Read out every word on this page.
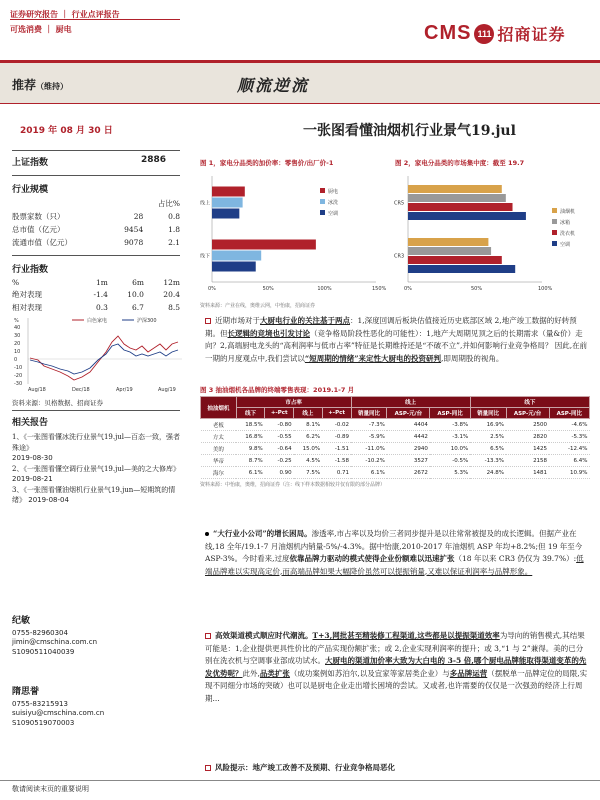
证券研究报告 ｜ 行业点评报告
可选消费 ｜ 厨电	CMS 111 招商证券
推荐（维持）	顺流逆流
2019 年 08 月 30 日	一张图看懂油烟机行业景气19.jul
上证指数	2886
行业规模
		占比%
股票家数（只）	28	0.8
总市值（亿元）	9454	1.8
流通市值（亿元）	9078	2.1
行业指数
%	1m	6m	12m
绝对表现	-1.4	10.0	20.4
相对表现	0.3	6.7	8.5
%
40
30
20
10
0
-10
-20
-30
白色家电	沪深300
Aug/18	Dec/18	Apr/19	Aug/19
资料来源：贝格数据、招商证券
相关报告
1、《一张图看懂冰洗行业景气19.jul—百态一致，强者殊途》
2019-08-30
2、《一张图看懂空调行业景气19.jul—美的之大修库》 2019-08-21
3、《一张图看懂油烟机行业景气19.jun—短期筑的情绪》 2019-08-04
纪敏
0755-82960304
jimin@cmschina.com.cn
S1090511040039
隋思誉
0755-83215913
suisiyu@cmschina.com.cn
S1090519070003
敬请阅读末页的重要说明
图 1，家电分品类的加价率：零售价/出厂价-1	图 2，家电分品类的市场集中度：截至 19.7
线上
线下
0%	50%	100%	150%
厨电
冰洗
空调
CR5
CR3
0%	50%	100%
油烟机
冰箱
洗衣机
空调
资料来源：产业在线，奥维云网，中怡康，招商证券
近期市场对于大厨电行业的关注基于两点：1,深度回调后板块估值接近历史底部区域 2,地产竣工数据的好转预期。但长逻辑的竞境也引发讨论（竞争格局阶段性恶化的可能性）：1,地产大周期见顶之后的长期需求（量&价）走向？2,高端厨电龙头的“高利润率与低市占率”特征是长期维持还是“不破不立”,并如何影响行业竞争格局？ 因此,在前一期的月度观点中,我们尝试以“短周期的情绪”来定性大厨电的投资研判,即周期股的视角。
图 3 抽油烟机各品牌的终端零售表现：2019.1-7 月
抽油烟机	市占率				线上			线下		
	线下	+-Pct	线上	+-Pct	销量同比	ASP-元/台	ASP-同比	销量同比	ASP-元/台	ASP-同比
老板	18.5%	-0.80	8.1%	-0.02	-7.3%	4404	-3.8%	16.9%	2500	-4.6%
方太	16.8%	-0.55	6.2%	-0.89	-5.9%	4442	-3.1%	2.5%	2820	-5.3%
美的	9.8%	-0.64	15.0%	-1.51	-11.0%	2940	10.0%	6.5%	1425	-12.4%
华帝	8.7%	-0.25	4.5%	-1.58	-10.2%	3527	-0.5%	-13.3%	2158	6.4%
海尔	6.1%	0.90	7.5%	0.71	6.1%	2672	5.3%	24.8%	1481	10.9%
资料来源：中怡康，奥维，招商证券（注：线下样本数据相较并仅有限的部分品牌）
“大行业小公司”的增长困局。渗透率,市占率以及均价三者同步提升是以往常常被提及的成长逻辑。但据产业在线,18 全年/19.1-7 月油烟机内销量-5%/-4.3%。据中怡康,2010-2017 年油烟机 ASP 年均+8.2%;但 19 年至今 ASP-3%。今时看来,过度依靠品牌力驱动的模式使得企业份额难以迅速扩张（18 年以来 CR3 仍仅为 39.7%）:低端品牌难以实现高定价,而高端品牌如果大幅降价虽然可以提振销量,又难以保证利润率与品牌形象。
高效渠道模式顺应时代潮流。T+3,网批甚至精装修工程渠道,这些都是以提振渠道效率为导向的销售模式,其结果可能是：1,企业提供更具性价比的产品实现份额扩张；或 2,企业实现利润率的提升；或 3,“1 与 2”兼得。美的已分别在洗衣机与空调事业部成功试水。大厨电的渠道加价率大致为大白电的 3-5 倍,哪个厨电品牌能取得渠道变革的先发优势呢？此外,品类扩张（成功案例如苏泊尔,以及宜家等家居类企业）与多品牌运营（摆脱单一品牌定位的局限,实现不同细分市场的突破）也可以是厨电企业走出增长困境的尝试。又或者,也许需要的仅仅是一次强劲的经济上行周期...
风险提示：地产竣工改善不及预期、行业竞争格局恶化
